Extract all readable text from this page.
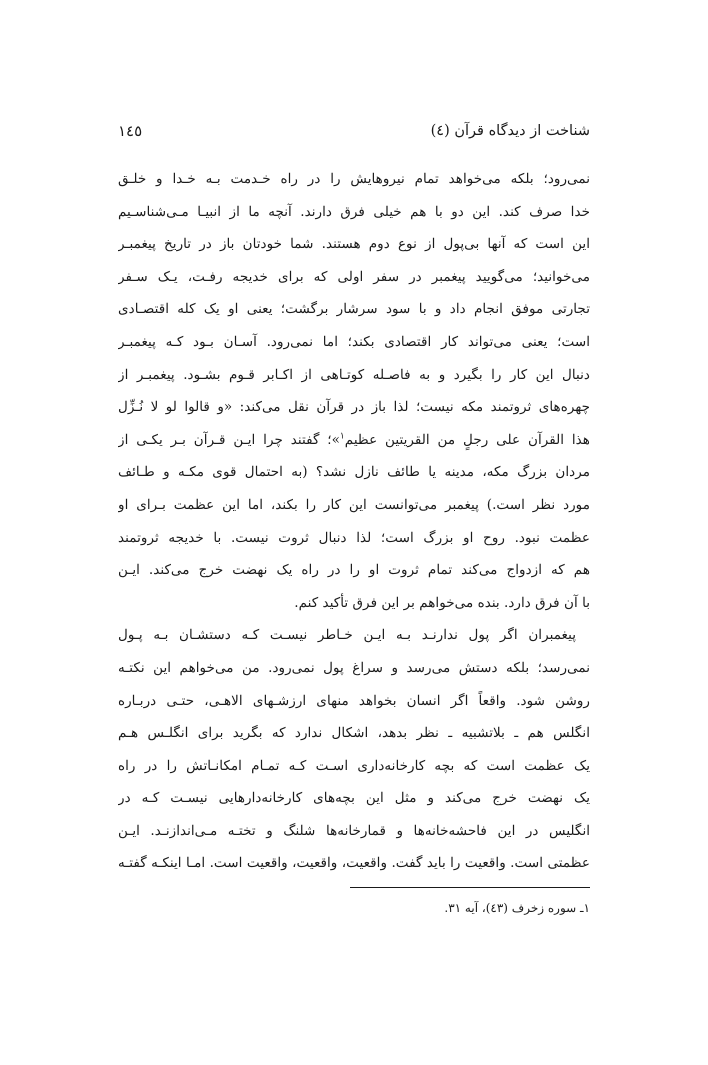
شناخت از دیدگاه قرآن (٤)
١٤٥
نمی‌رود؛ بلکه می‌خواهد تمام نیروهایش را در راه خـدمت بـه خـدا و خلـق
خدا صرف کند. این دو با هم خیلی فرق دارند. آنچه ما از انبیـا مـی‌شناسـیم
این است که آنها بی‌پول از نوع دوم هستند. شما خودتان باز در تاریخ پیغمبـر
می‌خوانید؛ می‌گویید پیغمبر در سفر اولی که برای خدیجه رفـت، یـک سـفر
تجارتی موفق انجام داد و با سود سرشار برگشت؛ یعنی او یک کله اقتصـادی
است؛ یعنی می‌تواند کار اقتصادی بکند؛ اما نمی‌رود. آسـان بـود کـه پیغمبـر
دنبال این کار را بگیرد و به فاصـله کوتـاهی از اکـابر قـوم بشـود. پیغمبـر از
چهره‌های ثروتمند مکه نیست؛ لذا باز در قرآن نقل می‌کند: «و قالوا لو لا نُـزِّل
هذا القرآن علی رجلٍ من القریتین عظیم$^١$»؛ گفتند چرا ایـن قـرآن بـر یکـی از
مردان بزرگ مکه، مدینه یا طائف نازل نشد؟ (به احتمال قوی مکـه و طـائف
مورد نظر است.) پیغمبر می‌توانست این کار را بکند، اما این عظمت بـرای او
عظمت نبود. روح او بزرگ است؛ لذا دنبال ثروت نیست. با خدیجه ثروتمند
هم که ازدواج می‌کند تمام ثروت او را در راه یک نهضت خرج می‌کند. ایـن
با آن فرق دارد. بنده می‌خواهم بر این فرق تأکید کنم.
پیغمبران اگر پول ندارنـد بـه ایـن خـاطر نیسـت کـه دستشـان بـه پـول
نمی‌رسد؛ بلکه دستش می‌رسد و سراغ پول نمی‌رود. من می‌خواهم این نکتـه
روشن شود. واقعاً اگر انسان بخواهد منهای ارزشـهای الاهـی، حتـی دربـاره
انگلس هم ـ بلاتشبیه ـ نظر بدهد، اشکال ندارد که بگرید برای انگلـس هـم
یک عظمت است که بچه کارخانه‌داری اسـت کـه تمـام امکانـاتش را در راه
یک نهضت خرج می‌کند و مثل این بچه‌های کارخانه‌دارهایی نیسـت کـه در
انگلیس در این فاحشه‌خانه‌ها و قمارخانه‌ها شلنگ و تختـه مـی‌اندازنـد. ایـن
عظمتی است. واقعیت را باید گفت. واقعیت، واقعیت، واقعیت است. امـا اینکـه گفتـه
١ـ سوره زخرف (٤٣)، آیه ٣١.
